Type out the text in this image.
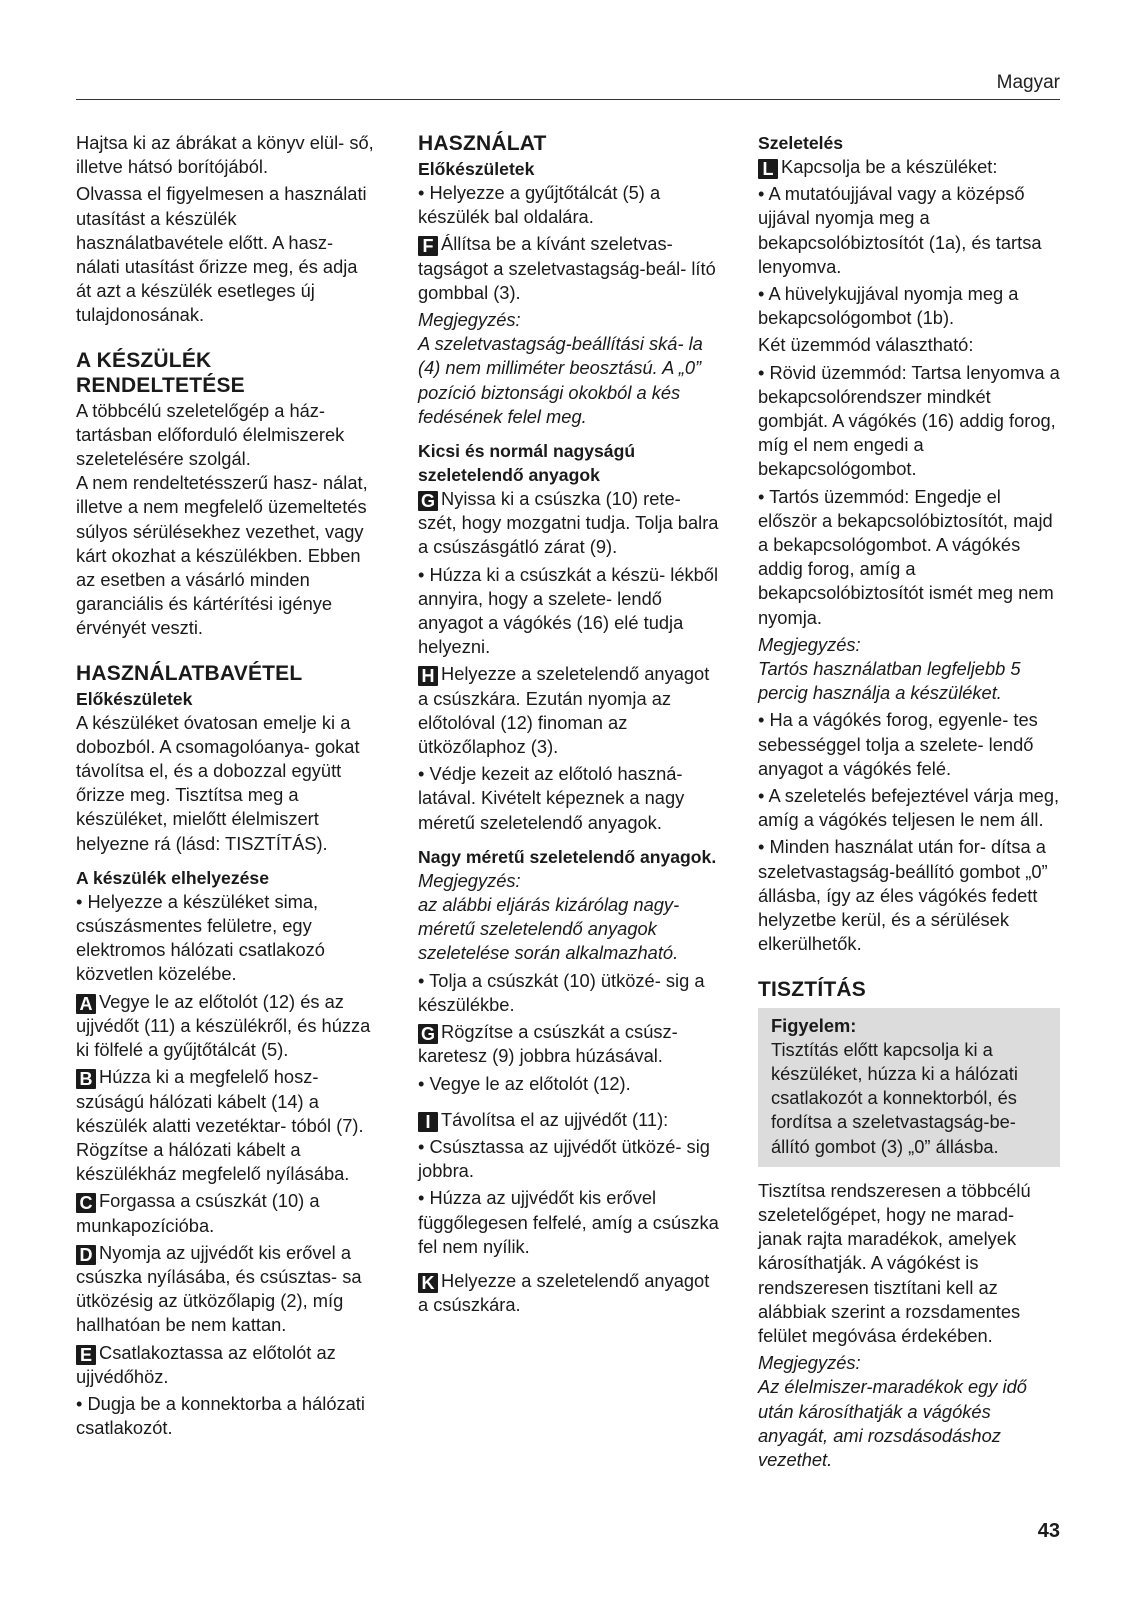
Magyar

Hajtsa ki az ábrákat a könyv elül- ső, illetve hátsó borítójából.

Olvassa el figyelmesen a használati utasítást a készülék használatbavétele előtt. A hasz- nálati utasítást őrizze meg, és adja át azt a készülék esetleges új tulajdonosának.

A KÉSZÜLÉK
RENDELTETÉSE

A többcélú szeletelőgép a ház- tartásban előforduló élelmiszerek szeletelésére szolgál.

A nem rendeltetésszerű hasz- nálat, illetve a nem megfelelő üzemeltetés súlyos sérülésekhez vezethet, vagy kárt okozhat a készülékben. Ebben az esetben a vásárló minden garanciális és kártérítési igénye érvényét veszti.

HASZNÁLATBAVÉTEL
Előkészületek

A készüléket óvatosan emelje ki a dobozból. A csomagolóanya- gokat távolítsa el, és a dobozzal együtt őrizze meg. Tisztítsa meg a készüléket, mielőtt élelmiszert helyezne rá (lásd: TISZTÍTÁS).

A készülék elhelyezése

• Helyezze a készüléket sima, csúszásmentes felületre, egy elektromos hálózati csatlakozó közvetlen közelébe.

A Vegye le az előtolót (12) és az ujjvédőt (11) a készülékről, és húzza ki fölfelé a gyűjtőtálcát (5).

B Húzza ki a megfelelő hosz- szúságú hálózati kábelt (14) a készülék alatti vezetéktar- tóból (7). Rögzítse a hálózati kábelt a készülékház megfelelő nyílásába.

C Forgassa a csúszkát (10) a munkapozícióba.

D Nyomja az ujjvédőt kis erővel a csúszka nyílásába, és csúsztas- sa ütközésig az ütközőlapig (2), míg hallhatóan be nem kattan.

E Csatlakoztassa az előtolót az ujjvédőhöz.

• Dugja be a konnektorba a hálózati csatlakozót.

HASZNÁLAT
Előkészületek

• Helyezze a gyűjtőtálcát (5) a készülék bal oldalára.

F Állítsa be a kívánt szeletvas- tagságot a szeletvastagság-beál- lító gombbal (3).

Megjegyzés:

A szeletvastagság-beállítási ská- la (4) nem milliméter beosztású. A „0” pozíció biztonsági okokból a kés fedésének felel meg.

Kicsi és normál nagyságú szeletelendő anyagok

G Nyissa ki a csúszka (10) rete- szét, hogy mozgatni tudja. Tolja balra a csúszásgátló zárat (9).

• Húzza ki a csúszkát a készü- lékből annyira, hogy a szelete- lendő anyagot a vágókés (16) elé tudja helyezni.

H Helyezze a szeletelendő anyagot a csúszkára. Ezután nyomja az előtolóval (12) finoman az ütközőlaphoz (3).

• Védje kezeit az előtoló haszná- latával. Kivételt képeznek a nagy méretű szeletelendő anyagok.

Nagy méretű szeletelendő anyagok.

Megjegyzés:

az alábbi eljárás kizárólag nagy- méretű szeletelendő anyagok szeletelése során alkalmazható.

• Tolja a csúszkát (10) ütközé- sig a készülékbe.

G Rögzítse a csúszkát a csúsz- karetesz (9) jobbra húzásával.

• Vegye le az előtolót (12).

I Távolítsa el az ujjvédőt (11):

• Csúsztassa az ujjvédőt ütközé- sig jobbra.

• Húzza az ujjvédőt kis erővel függőlegesen felfelé, amíg a csúszka fel nem nyílik.

K Helyezze a szeletelendő anyagot a csúszkára.

Szeletelés

L Kapcsolja be a készüléket:

• A mutatóujjával vagy a középső ujjával nyomja meg a bekapcsolóbiztosítót (1a), és tartsa lenyomva.

• A hüvelykujjával nyomja meg a bekapcsológombot (1b).

Két üzemmód választható:

• Rövid üzemmód: Tartsa lenyomva a bekapcsolórendszer mindkét gombját. A vágókés (16) addig forog, míg el nem engedi a bekapcsológombot.

• Tartós üzemmód: Engedje el először a bekapcsolóbiztosítót, majd a bekapcsológombot. A vágókés addig forog, amíg a bekapcsolóbiztosítót ismét meg nem nyomja.

Megjegyzés:

Tartós használatban legfeljebb 5 percig használja a készüléket.

• Ha a vágókés forog, egyenle- tes sebességgel tolja a szelete- lendő anyagot a vágókés felé.

• A szeletelés befejeztével várja meg, amíg a vágókés teljesen le nem áll.

• Minden használat után for- dítsa a szeletvastagság-beállító gombot „0” állásba, így az éles vágókés fedett helyzetbe kerül, és a sérülések elkerülhetők.

TISZTÍTÁS

Figyelem:

Tisztítás előtt kapcsolja ki a készüléket, húzza ki a hálózati csatlakozót a konnektorból, és fordítsa a szeletvastagság-be- állító gombot (3) „0” állásba.

Tisztítsa rendszeresen a többcélú szeletelőgépet, hogy ne marad- janak rajta maradékok, amelyek károsíthatják. A vágókést is rendszeresen tisztítani kell az alábbiak szerint a rozsdamentes felület megóvása érdekében.

Megjegyzés:

Az élelmiszer-maradékok egy idő után károsíthatják a vágókés anyagát, ami rozsdásodáshoz vezethet.

43
